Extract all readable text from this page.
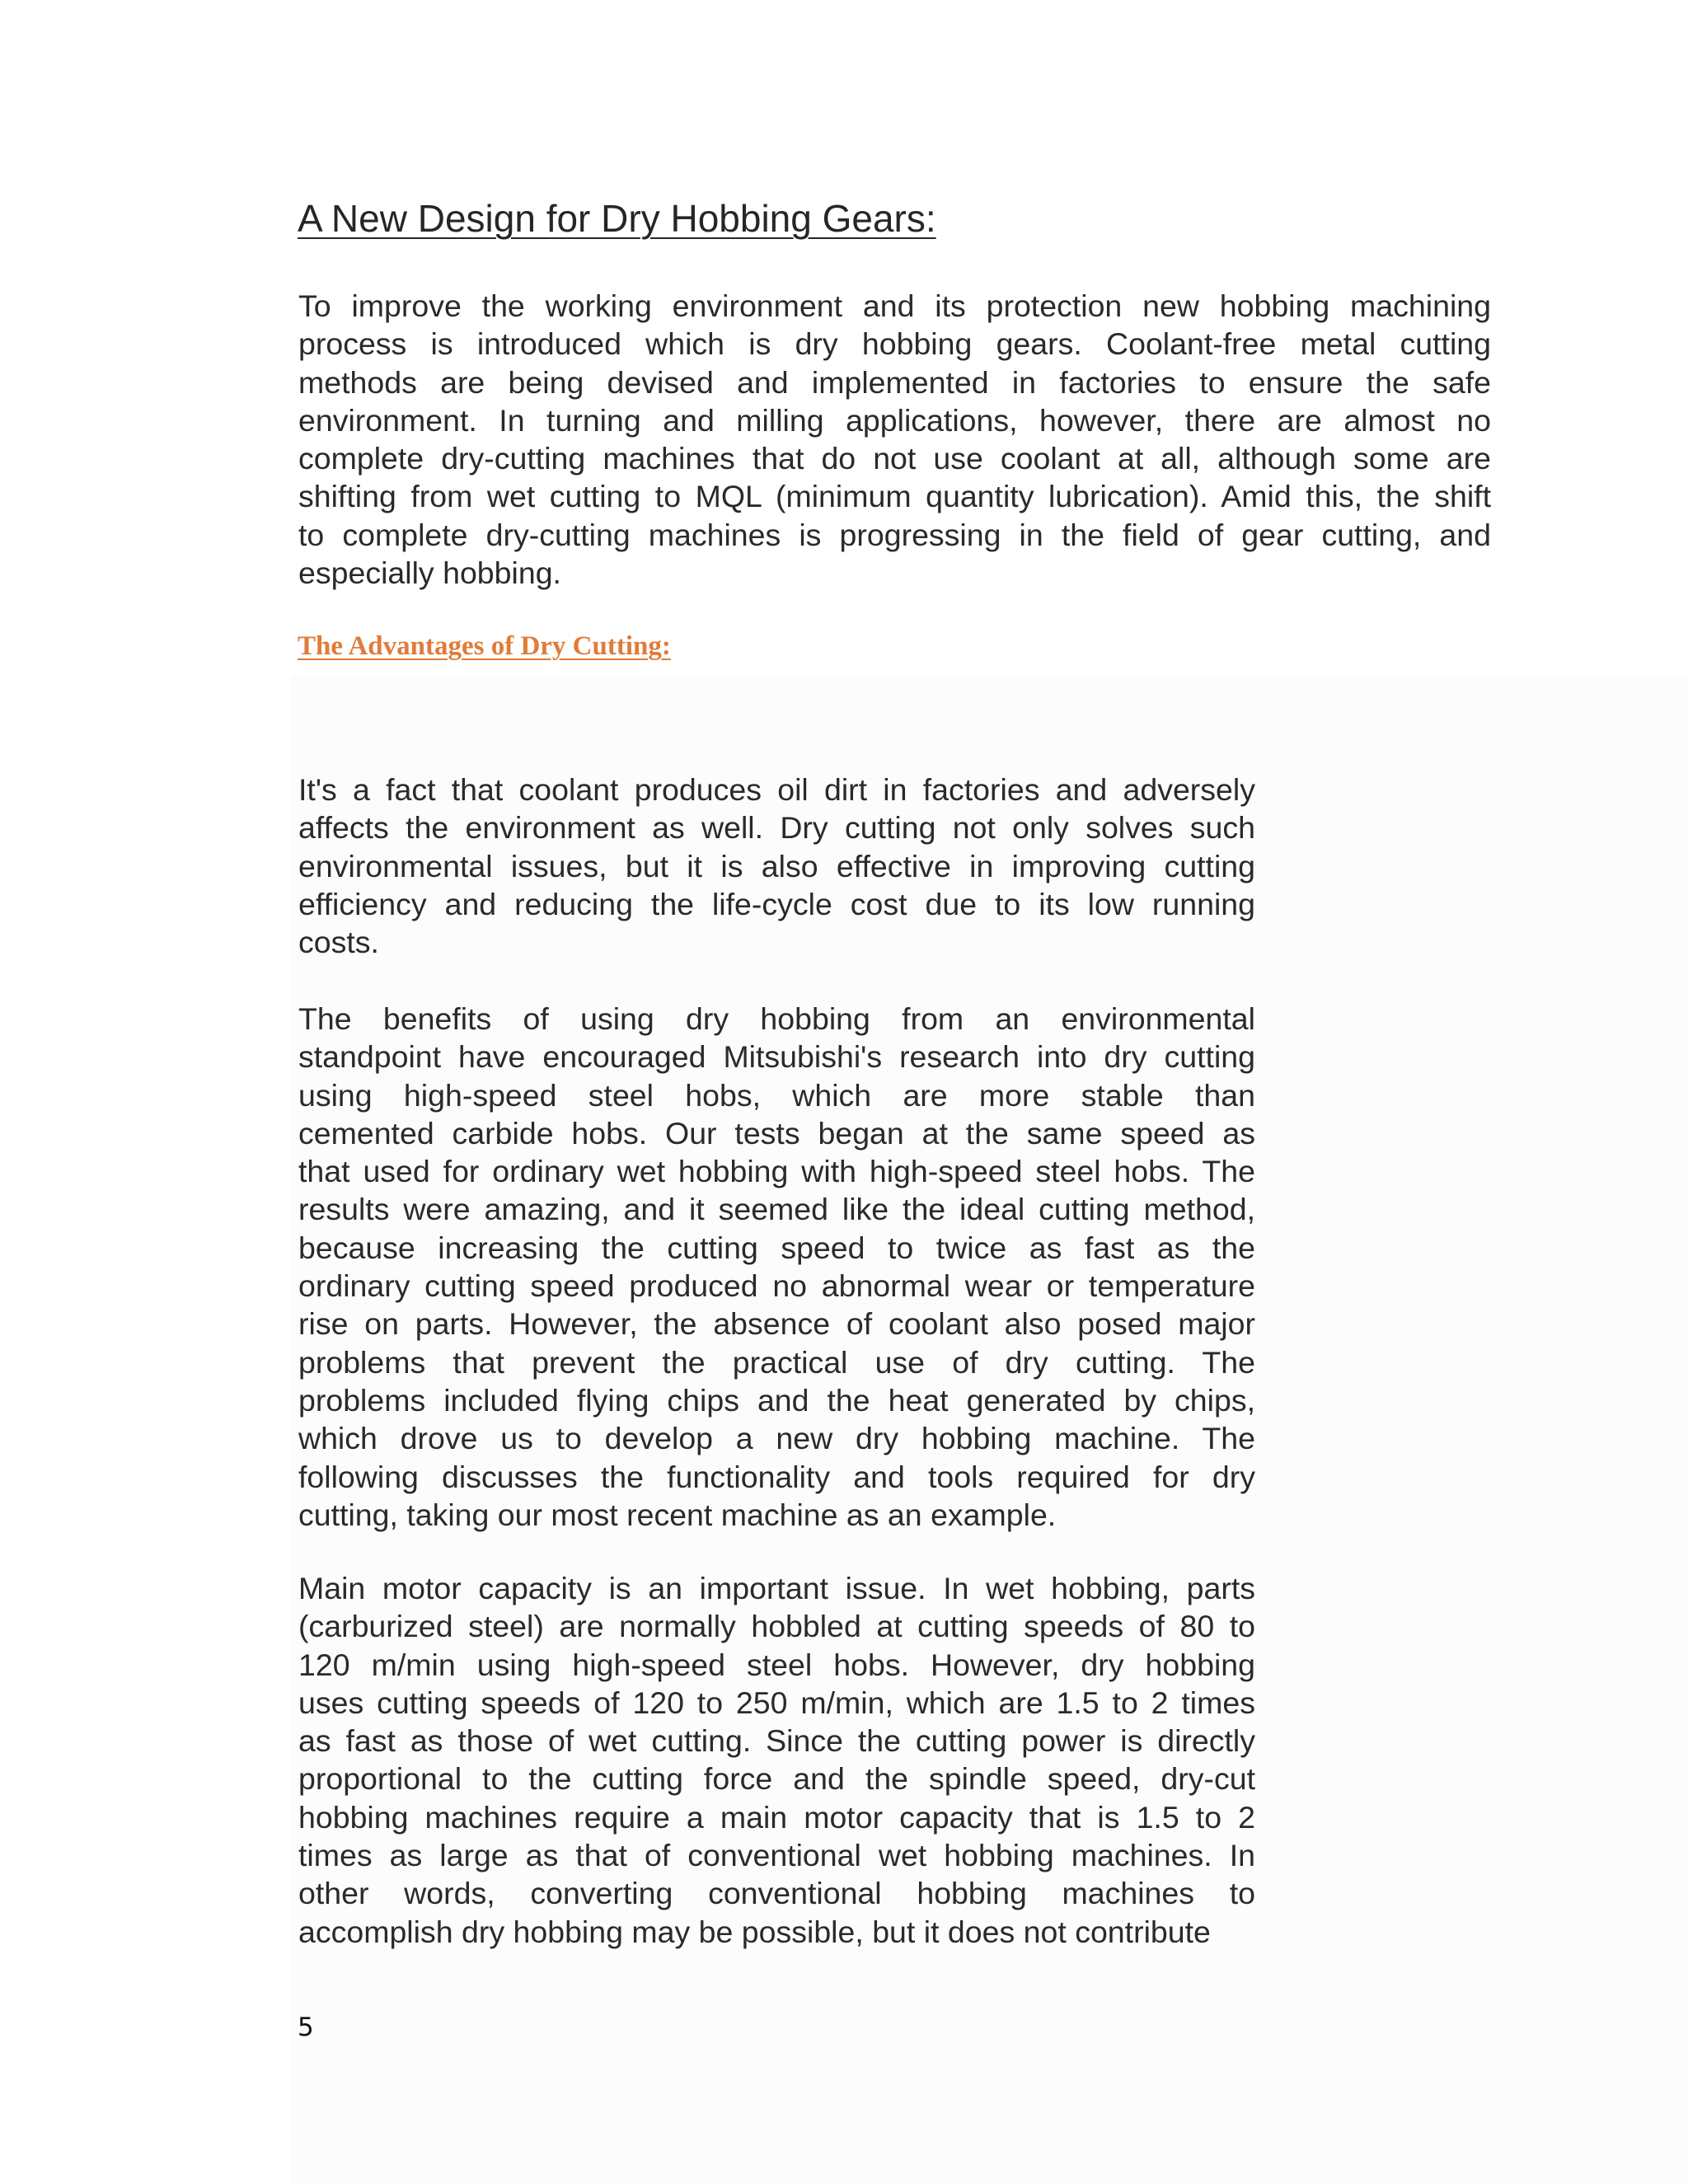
A New Design for Dry Hobbing Gears:

To improve the working environment and its protection new hobbing machining
process is introduced which is dry hobbing gears. Coolant-free metal cutting
methods are being devised and implemented in factories to ensure the safe
environment. In turning and milling applications, however, there are almost no
complete dry-cutting machines that do not use coolant at all, although some are
shifting from wet cutting to MQL (minimum quantity lubrication). Amid this, the shift
to complete dry-cutting machines is progressing in the field of gear cutting, and
especially hobbing.

The Advantages of Dry Cutting:

It's a fact that coolant produces oil dirt in factories and adversely
affects the environment as well. Dry cutting not only solves such
environmental issues, but it is also effective in improving cutting
efficiency and reducing the life-cycle cost due to its low running
costs.

The benefits of using dry hobbing from an environmental
standpoint have encouraged Mitsubishi's research into dry cutting
using high-speed steel hobs, which are more stable than
cemented carbide hobs. Our tests began at the same speed as
that used for ordinary wet hobbing with high-speed steel hobs. The
results were amazing, and it seemed like the ideal cutting method,
because increasing the cutting speed to twice as fast as the
ordinary cutting speed produced no abnormal wear or temperature
rise on parts. However, the absence of coolant also posed major
problems that prevent the practical use of dry cutting. The
problems included flying chips and the heat generated by chips,
which drove us to develop a new dry hobbing machine. The
following discusses the functionality and tools required for dry
cutting, taking our most recent machine as an example.

Main motor capacity is an important issue. In wet hobbing, parts
(carburized steel) are normally hobbled at cutting speeds of 80 to
120 m/min using high-speed steel hobs. However, dry hobbing
uses cutting speeds of 120 to 250 m/min, which are 1.5 to 2 times
as fast as those of wet cutting. Since the cutting power is directly
proportional to the cutting force and the spindle speed, dry-cut
hobbing machines require a main motor capacity that is 1.5 to 2
times as large as that of conventional wet hobbing machines. In
other words, converting conventional hobbing machines to
accomplish dry hobbing may be possible, but it does not contribute

5
